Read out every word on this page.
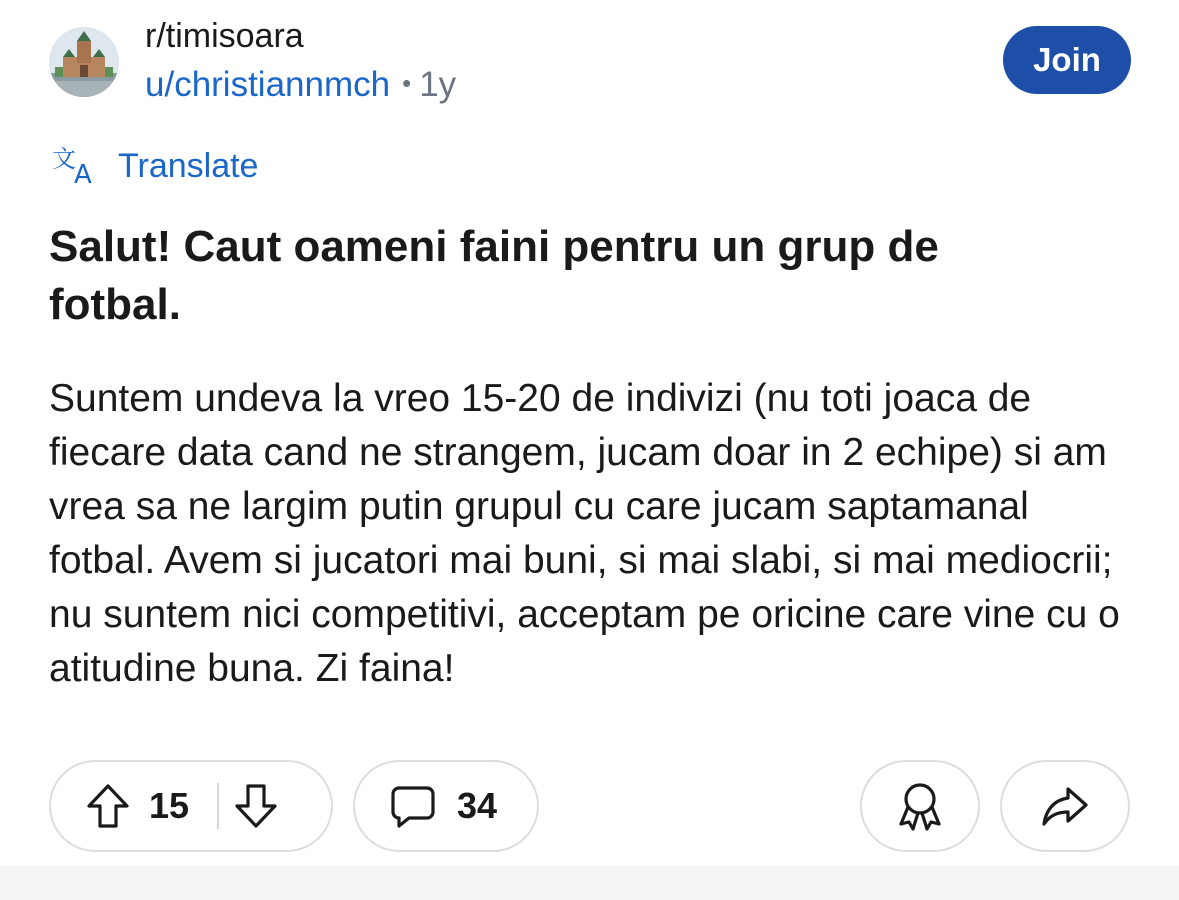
r/timisoara
u/christiannmch • 1y
Join
文
A Translate
Salut! Caut oameni faini pentru un grup de fotbal.

Suntem undeva la vreo 15-20 de indivizi (nu toti joaca de fiecare data cand ne strangem, jucam doar in 2 echipe) si am vrea sa ne largim putin grupul cu care jucam saptamanal fotbal. Avem si jucatori mai buni, si mai slabi, si mai mediocrii; nu suntem nici competitivi, acceptam pe oricine care vine cu o atitudine buna. Zi faina!

15	34
